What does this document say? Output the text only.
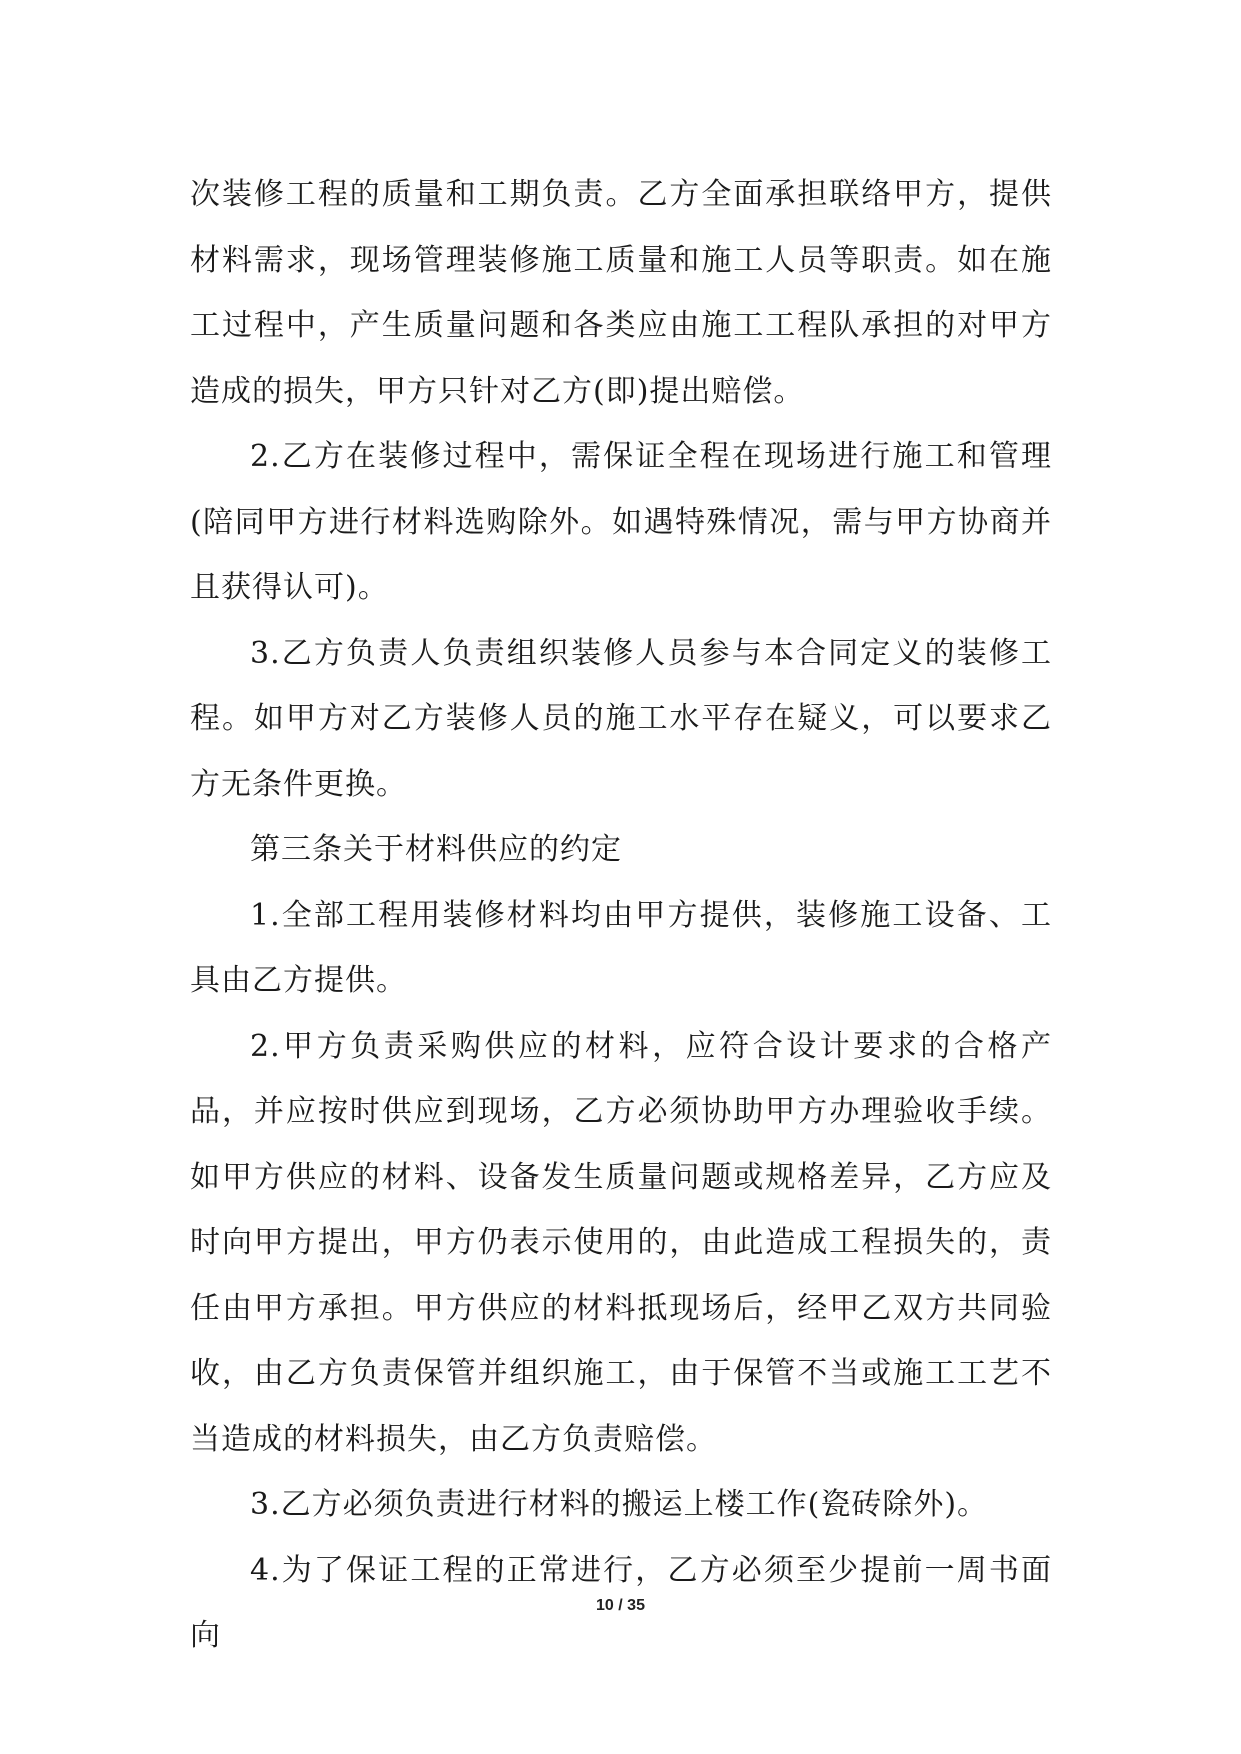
次装修工程的质量和工期负责。乙方全面承担联络甲方，提供材料需求，现场管理装修施工质量和施工人员等职责。如在施工过程中，产生质量问题和各类应由施工工程队承担的对甲方造成的损失，甲方只针对乙方(即)提出赔偿。

2.乙方在装修过程中，需保证全程在现场进行施工和管理(陪同甲方进行材料选购除外。如遇特殊情况，需与甲方协商并且获得认可)。

3.乙方负责人负责组织装修人员参与本合同定义的装修工程。如甲方对乙方装修人员的施工水平存在疑义，可以要求乙方无条件更换。

第三条关于材料供应的约定

1.全部工程用装修材料均由甲方提供，装修施工设备、工具由乙方提供。

2.甲方负责采购供应的材料，应符合设计要求的合格产品，并应按时供应到现场，乙方必须协助甲方办理验收手续。如甲方供应的材料、设备发生质量问题或规格差异，乙方应及时向甲方提出，甲方仍表示使用的，由此造成工程损失的，责任由甲方承担。甲方供应的材料抵现场后，经甲乙双方共同验收，由乙方负责保管并组织施工，由于保管不当或施工工艺不当造成的材料损失，由乙方负责赔偿。

3.乙方必须负责进行材料的搬运上楼工作(瓷砖除外)。

4.为了保证工程的正常进行，乙方必须至少提前一周书面向

10 / 35
